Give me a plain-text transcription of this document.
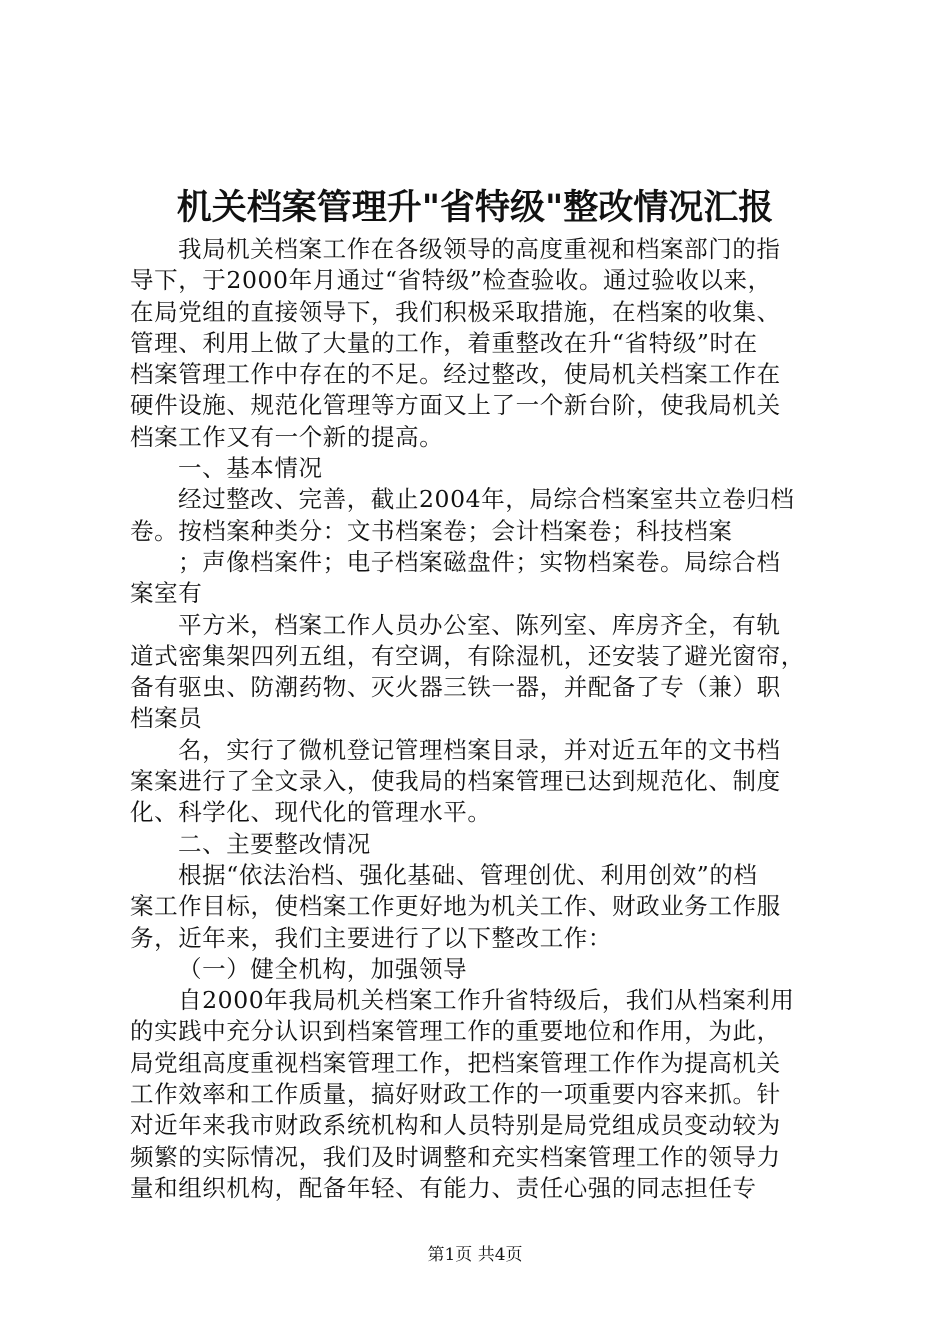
机关档案管理升"省特级"整改情况汇报
我局机关档案工作在各级领导的高度重视和档案部门的指
导下，于2000年月通过“省特级”检查验收。通过验收以来，
在局党组的直接领导下，我们积极采取措施，在档案的收集、
管理、利用上做了大量的工作，着重整改在升“省特级”时在
档案管理工作中存在的不足。经过整改，使局机关档案工作在
硬件设施、规范化管理等方面又上了一个新台阶，使我局机关
档案工作又有一个新的提高。
一、基本情况
经过整改、完善，截止2004年，局综合档案室共立卷归档
卷。按档案种类分：文书档案卷；会计档案卷；科技档案
；声像档案件；电子档案磁盘件；实物档案卷。局综合档
案室有
平方米，档案工作人员办公室、陈列室、库房齐全，有轨
道式密集架四列五组，有空调，有除湿机，还安装了避光窗帘，
备有驱虫、防潮药物、灭火器三铁一器，并配备了专（兼）职
档案员
名，实行了微机登记管理档案目录，并对近五年的文书档
案案进行了全文录入，使我局的档案管理已达到规范化、制度
化、科学化、现代化的管理水平。
二、主要整改情况
根据“依法治档、强化基础、管理创优、利用创效”的档
案工作目标，使档案工作更好地为机关工作、财政业务工作服
务，近年来，我们主要进行了以下整改工作：
（一）健全机构，加强领导
自2000年我局机关档案工作升省特级后，我们从档案利用
的实践中充分认识到档案管理工作的重要地位和作用，为此，
局党组高度重视档案管理工作，把档案管理工作作为提高机关
工作效率和工作质量，搞好财政工作的一项重要内容来抓。针
对近年来我市财政系统机构和人员特别是局党组成员变动较为
频繁的实际情况，我们及时调整和充实档案管理工作的领导力
量和组织机构，配备年轻、有能力、责任心强的同志担任专
第1页 共4页
